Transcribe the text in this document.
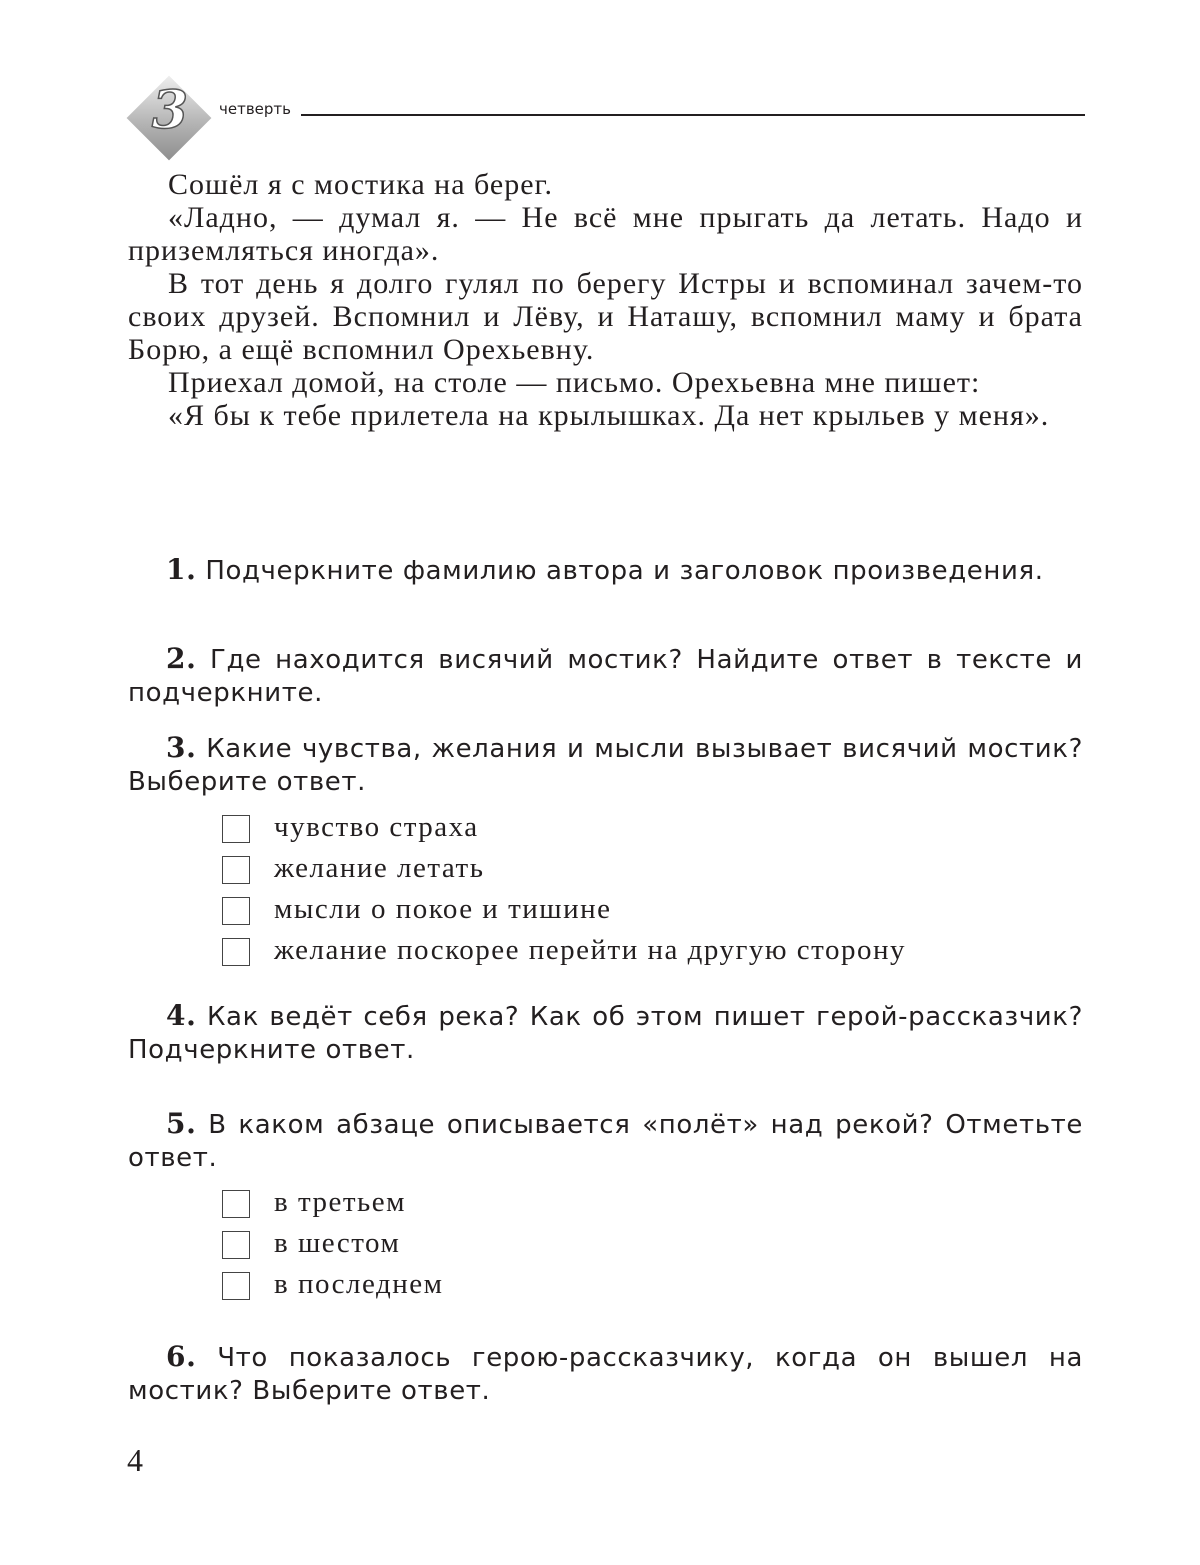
3	четверть

Сошёл я с мостика на берег.

«Ладно, — думал я. — Не всё мне прыгать да летать. Надо и приземляться иногда».

В тот день я долго гулял по берегу Истры и вспоминал зачем-то своих друзей. Вспомнил и Лёву, и Наташу, вспомнил маму и брата Борю, а ещё вспомнил Орехьевну.

Приехал домой, на столе — письмо. Орехьевна мне пишет:

«Я бы к тебе прилетела на крылышках. Да нет крыльев у меня».

1. Подчеркните фамилию автора и заголовок произведения.
2. Где находится висячий мостик? Найдите ответ в тексте и подчеркните.
3. Какие чувства, желания и мысли вызывает висячий мостик? Выберите ответ.
чувство страха
желание летать
мысли о покое и тишине
желание поскорее перейти на другую сторону
4. Как ведёт себя река? Как об этом пишет герой-рассказчик? Подчеркните ответ.
5. В каком абзаце описывается «полёт» над рекой? Отметьте ответ.
в третьем
в шестом
в последнем
6. Что показалось герою-рассказчику, когда он вышел на мостик? Выберите ответ.
4
